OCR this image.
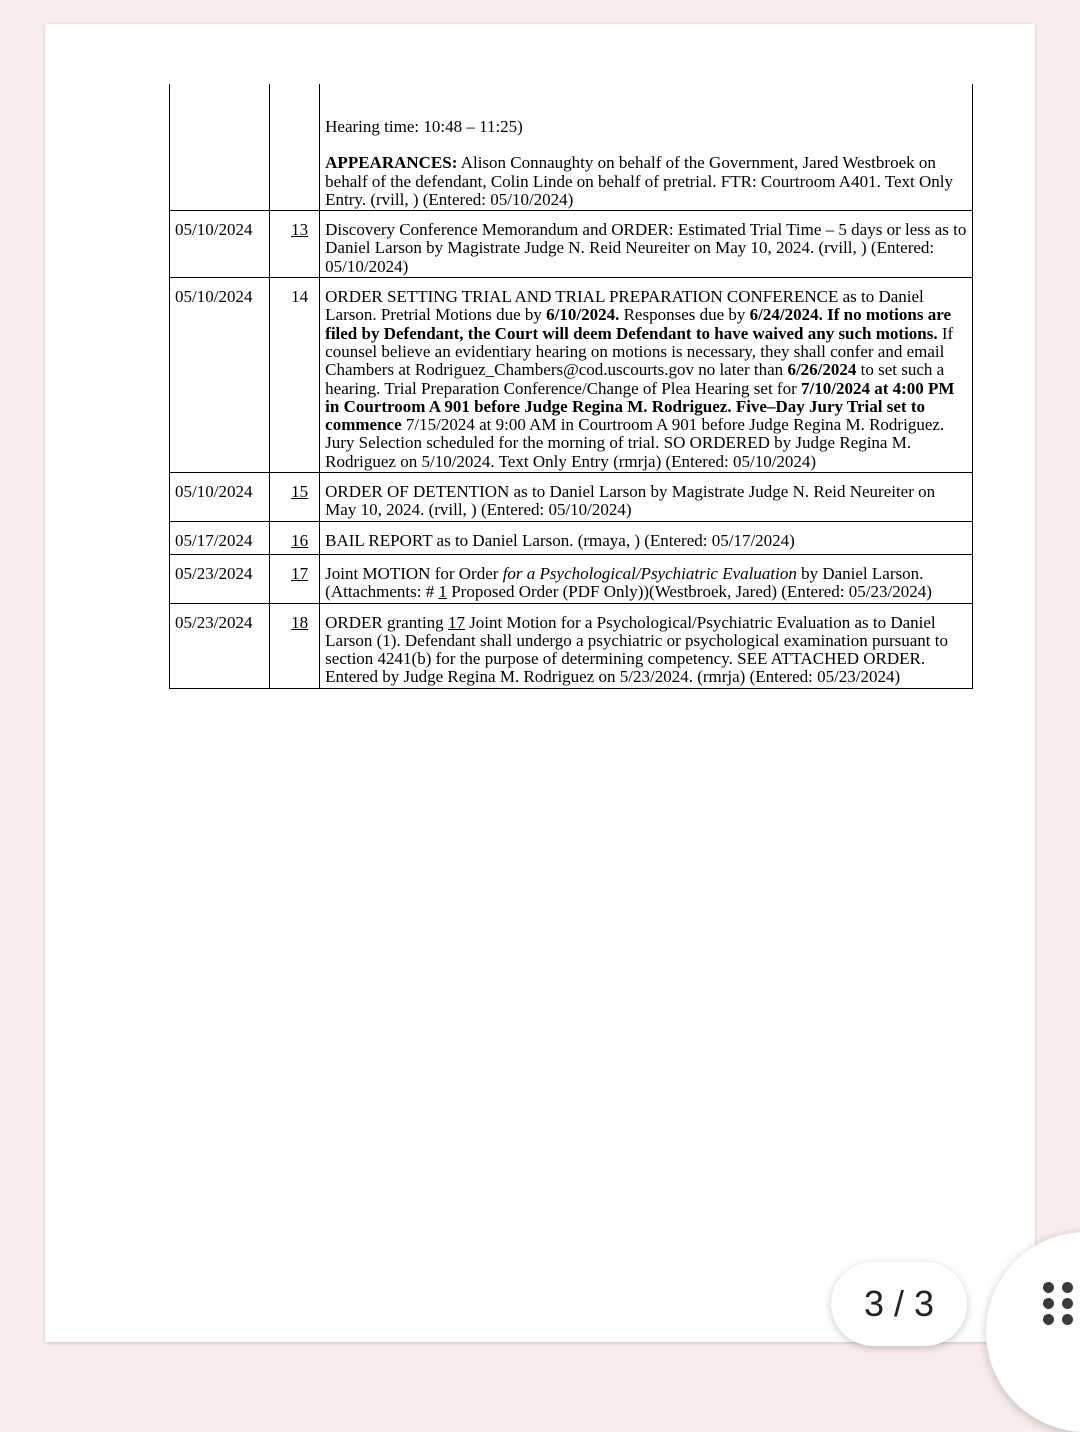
		Hearing time: 10:48 – 11:25)

APPEARANCES: Alison Connaughty on behalf of the Government, Jared Westbroek on behalf of the defendant, Colin Linde on behalf of pretrial. FTR: Courtroom A401. Text Only Entry. (rvill, ) (Entered: 05/10/2024)

05/10/2024	13	Discovery Conference Memorandum and ORDER: Estimated Trial Time – 5 days or less as to Daniel Larson by Magistrate Judge N. Reid Neureiter on May 10, 2024. (rvill, ) (Entered: 05/10/2024)
05/10/2024	14	ORDER SETTING TRIAL AND TRIAL PREPARATION CONFERENCE as to Daniel Larson. Pretrial Motions due by 6/10/2024. Responses due by 6/24/2024. If no motions are filed by Defendant, the Court will deem Defendant to have waived any such motions. If counsel believe an evidentiary hearing on motions is necessary, they shall confer and email Chambers at Rodriguez_Chambers@cod.uscourts.gov no later than 6/26/2024 to set such a hearing. Trial Preparation Conference/Change of Plea Hearing set for 7/10/2024 at 4:00 PM in Courtroom A 901 before Judge Regina M. Rodriguez. Five–Day Jury Trial set to commence 7/15/2024 at 9:00 AM in Courtroom A 901 before Judge Regina M. Rodriguez. Jury Selection scheduled for the morning of trial. SO ORDERED by Judge Regina M. Rodriguez on 5/10/2024. Text Only Entry (rmrja) (Entered: 05/10/2024)
05/10/2024	15	ORDER OF DETENTION as to Daniel Larson by Magistrate Judge N. Reid Neureiter on May 10, 2024. (rvill, ) (Entered: 05/10/2024)
05/17/2024	16	BAIL REPORT as to Daniel Larson. (rmaya, ) (Entered: 05/17/2024)
05/23/2024	17	Joint MOTION for Order for a Psychological/Psychiatric Evaluation by Daniel Larson. (Attachments: # 1 Proposed Order (PDF Only))(Westbroek, Jared) (Entered: 05/23/2024)
05/23/2024	18	ORDER granting 17 Joint Motion for a Psychological/Psychiatric Evaluation as to Daniel Larson (1). Defendant shall undergo a psychiatric or psychological examination pursuant to section 4241(b) for the purpose of determining competency. SEE ATTACHED ORDER. Entered by Judge Regina M. Rodriguez on 5/23/2024. (rmrja) (Entered: 05/23/2024)
3 / 3
